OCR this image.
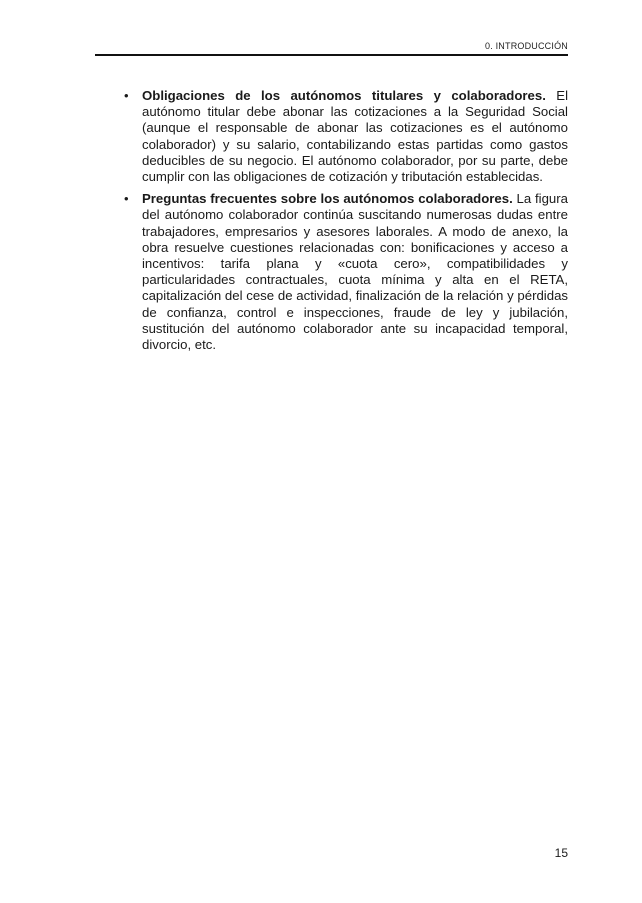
0. INTRODUCCIÓN
• Obligaciones de los autónomos titulares y colaboradores. El autónomo titular debe abonar las cotizaciones a la Seguridad Social (aunque el responsable de abonar las cotizaciones es el autónomo colaborador) y su salario, contabilizando estas partidas como gastos deducibles de su negocio. El autónomo colaborador, por su parte, debe cumplir con las obligaciones de cotización y tributación establecidas.
• Preguntas frecuentes sobre los autónomos colaboradores. La figura del autónomo colaborador continúa suscitando numerosas dudas entre trabajadores, empresarios y asesores laborales. A modo de anexo, la obra resuelve cuestiones relacionadas con: bonificaciones y acceso a incentivos: tarifa plana y «cuota cero», compatibilidades y particularidades contractuales, cuota mínima y alta en el RETA, capitalización del cese de actividad, finalización de la relación y pérdidas de confianza, control e inspecciones, fraude de ley y jubilación, sustitución del autónomo colaborador ante su incapacidad temporal, divorcio, etc.
15
